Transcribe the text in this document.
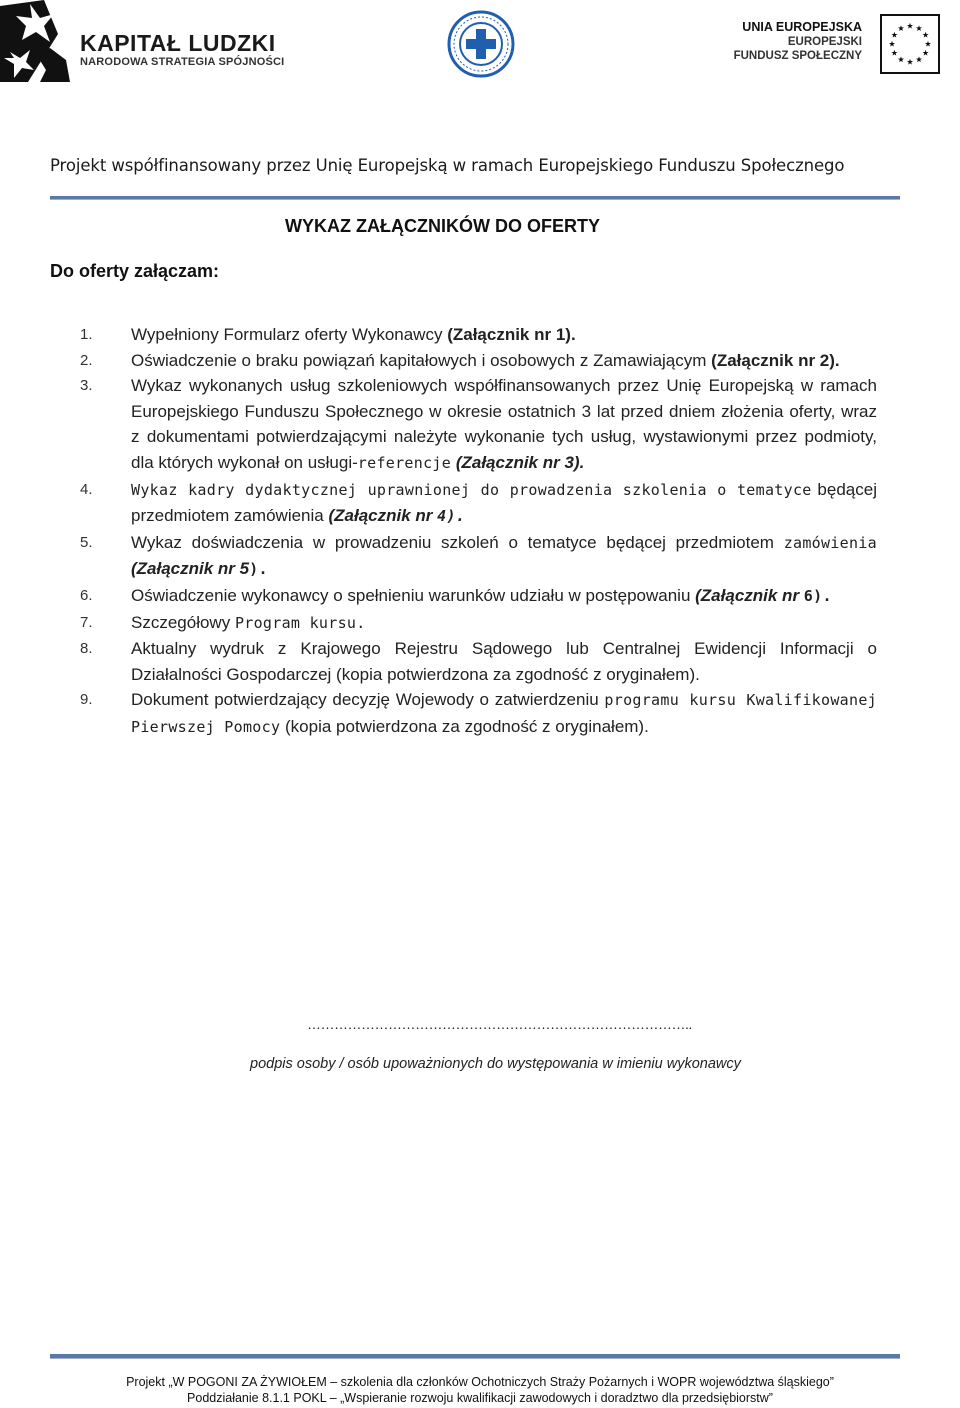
KAPITAŁ LUDZKI
NARODOWA STRATEGIA SPÓJNOŚCI
UNIA EUROPEJSKA
EUROPEJSKI
FUNDUSZ SPOŁECZNY
Projekt współfinansowany przez Unię Europejską w ramach Europejskiego Funduszu Społecznego
WYKAZ ZAŁĄCZNIKÓW DO OFERTY
Do oferty załączam:
1. Wypełniony Formularz oferty Wykonawcy (Załącznik nr 1).
2. Oświadczenie o braku powiązań kapitałowych i osobowych z Zamawiającym (Załącznik nr 2).
3. Wykaz wykonanych usług szkoleniowych współfinansowanych przez Unię Europejską w ramach Europejskiego Funduszu Społecznego w okresie ostatnich 3 lat przed dniem złożenia oferty, wraz z dokumentami potwierdzającymi należyte wykonanie tych usług, wystawionymi przez podmioty, dla których wykonał on usługi-referencje (Załącznik nr 3).
4.	Wykaz kadry dydaktycznej uprawnionej do prowadzenia szkolenia o tematyce będącej przedmiotem zamówienia (Załącznik nr 4).
5. Wykaz doświadczenia w prowadzeniu szkoleń o tematyce będącej przedmiotem zamówienia (Załącznik nr 5).
6. Oświadczenie wykonawcy o spełnieniu warunków udziału w postępowaniu (Załącznik nr 6).
7. Szczegółowy Program kursu.
8. Aktualny wydruk z Krajowego Rejestru Sądowego lub Centralnej Ewidencji Informacji o Działalności Gospodarczej (kopia potwierdzona za zgodność z oryginałem).
9. Dokument potwierdzający decyzję Wojewody o zatwierdzeniu programu kursu Kwalifikowanej Pierwszej Pomocy (kopia potwierdzona za zgodność z oryginałem).
…………………………………………………………………………..
podpis osoby / osób upoważnionych do występowania w imieniu wykonawcy
Projekt „W POGONI ZA ŻYWIOŁEM – szkolenia dla członków Ochotniczych Straży Pożarnych i WOPR województwa śląskiego”
Poddziałanie 8.1.1 POKL – „Wspieranie rozwoju kwalifikacji zawodowych i doradztwo dla przedsiębiorstw”
